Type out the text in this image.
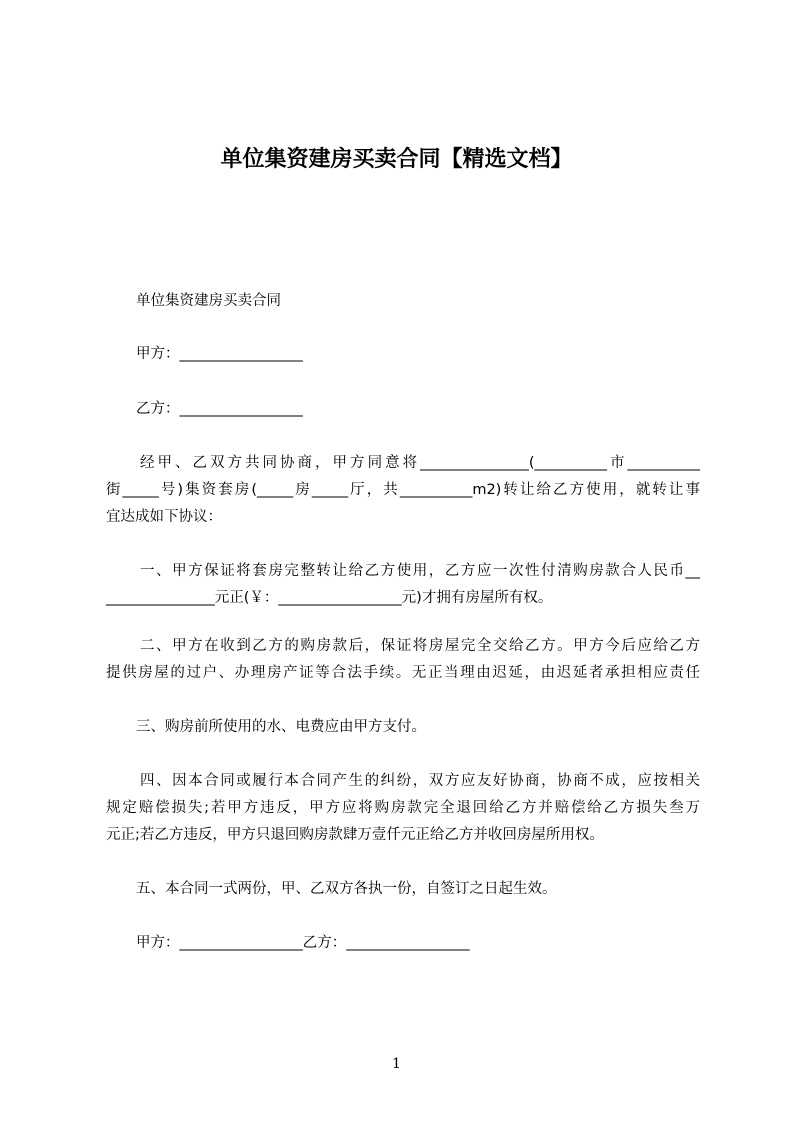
单位集资建房买卖合同【精选文档】
单位集资建房买卖合同
甲方：_________________
乙方：_________________
经甲、乙双方共同协商，甲方同意将_______________(__________市__________
街_____号)集资套房(_____房_____厅，共__________m2)转让给乙方使用，就转让事
宜达成如下协议：
一、甲方保证将套房完整转让给乙方使用，乙方应一次性付清购房款合人民币__
_______________元正(￥：_________________元)才拥有房屋所有权。
二、甲方在收到乙方的购房款后，保证将房屋完全交给乙方。甲方今后应给乙方
提供房屋的过户、办理房产证等合法手续。无正当理由迟延，由迟延者承担相应责任
三、购房前所使用的水、电费应由甲方支付。
四、因本合同或履行本合同产生的纠纷，双方应友好协商，协商不成，应按相关
规定赔偿损失;若甲方违反，甲方应将购房款完全退回给乙方并赔偿给乙方损失叁万
元正;若乙方违反，甲方只退回购房款肆万壹仟元正给乙方并收回房屋所用权。
五、本合同一式两份，甲、乙双方各执一份，自签订之日起生效。
甲方：_________________乙方：_________________
1
